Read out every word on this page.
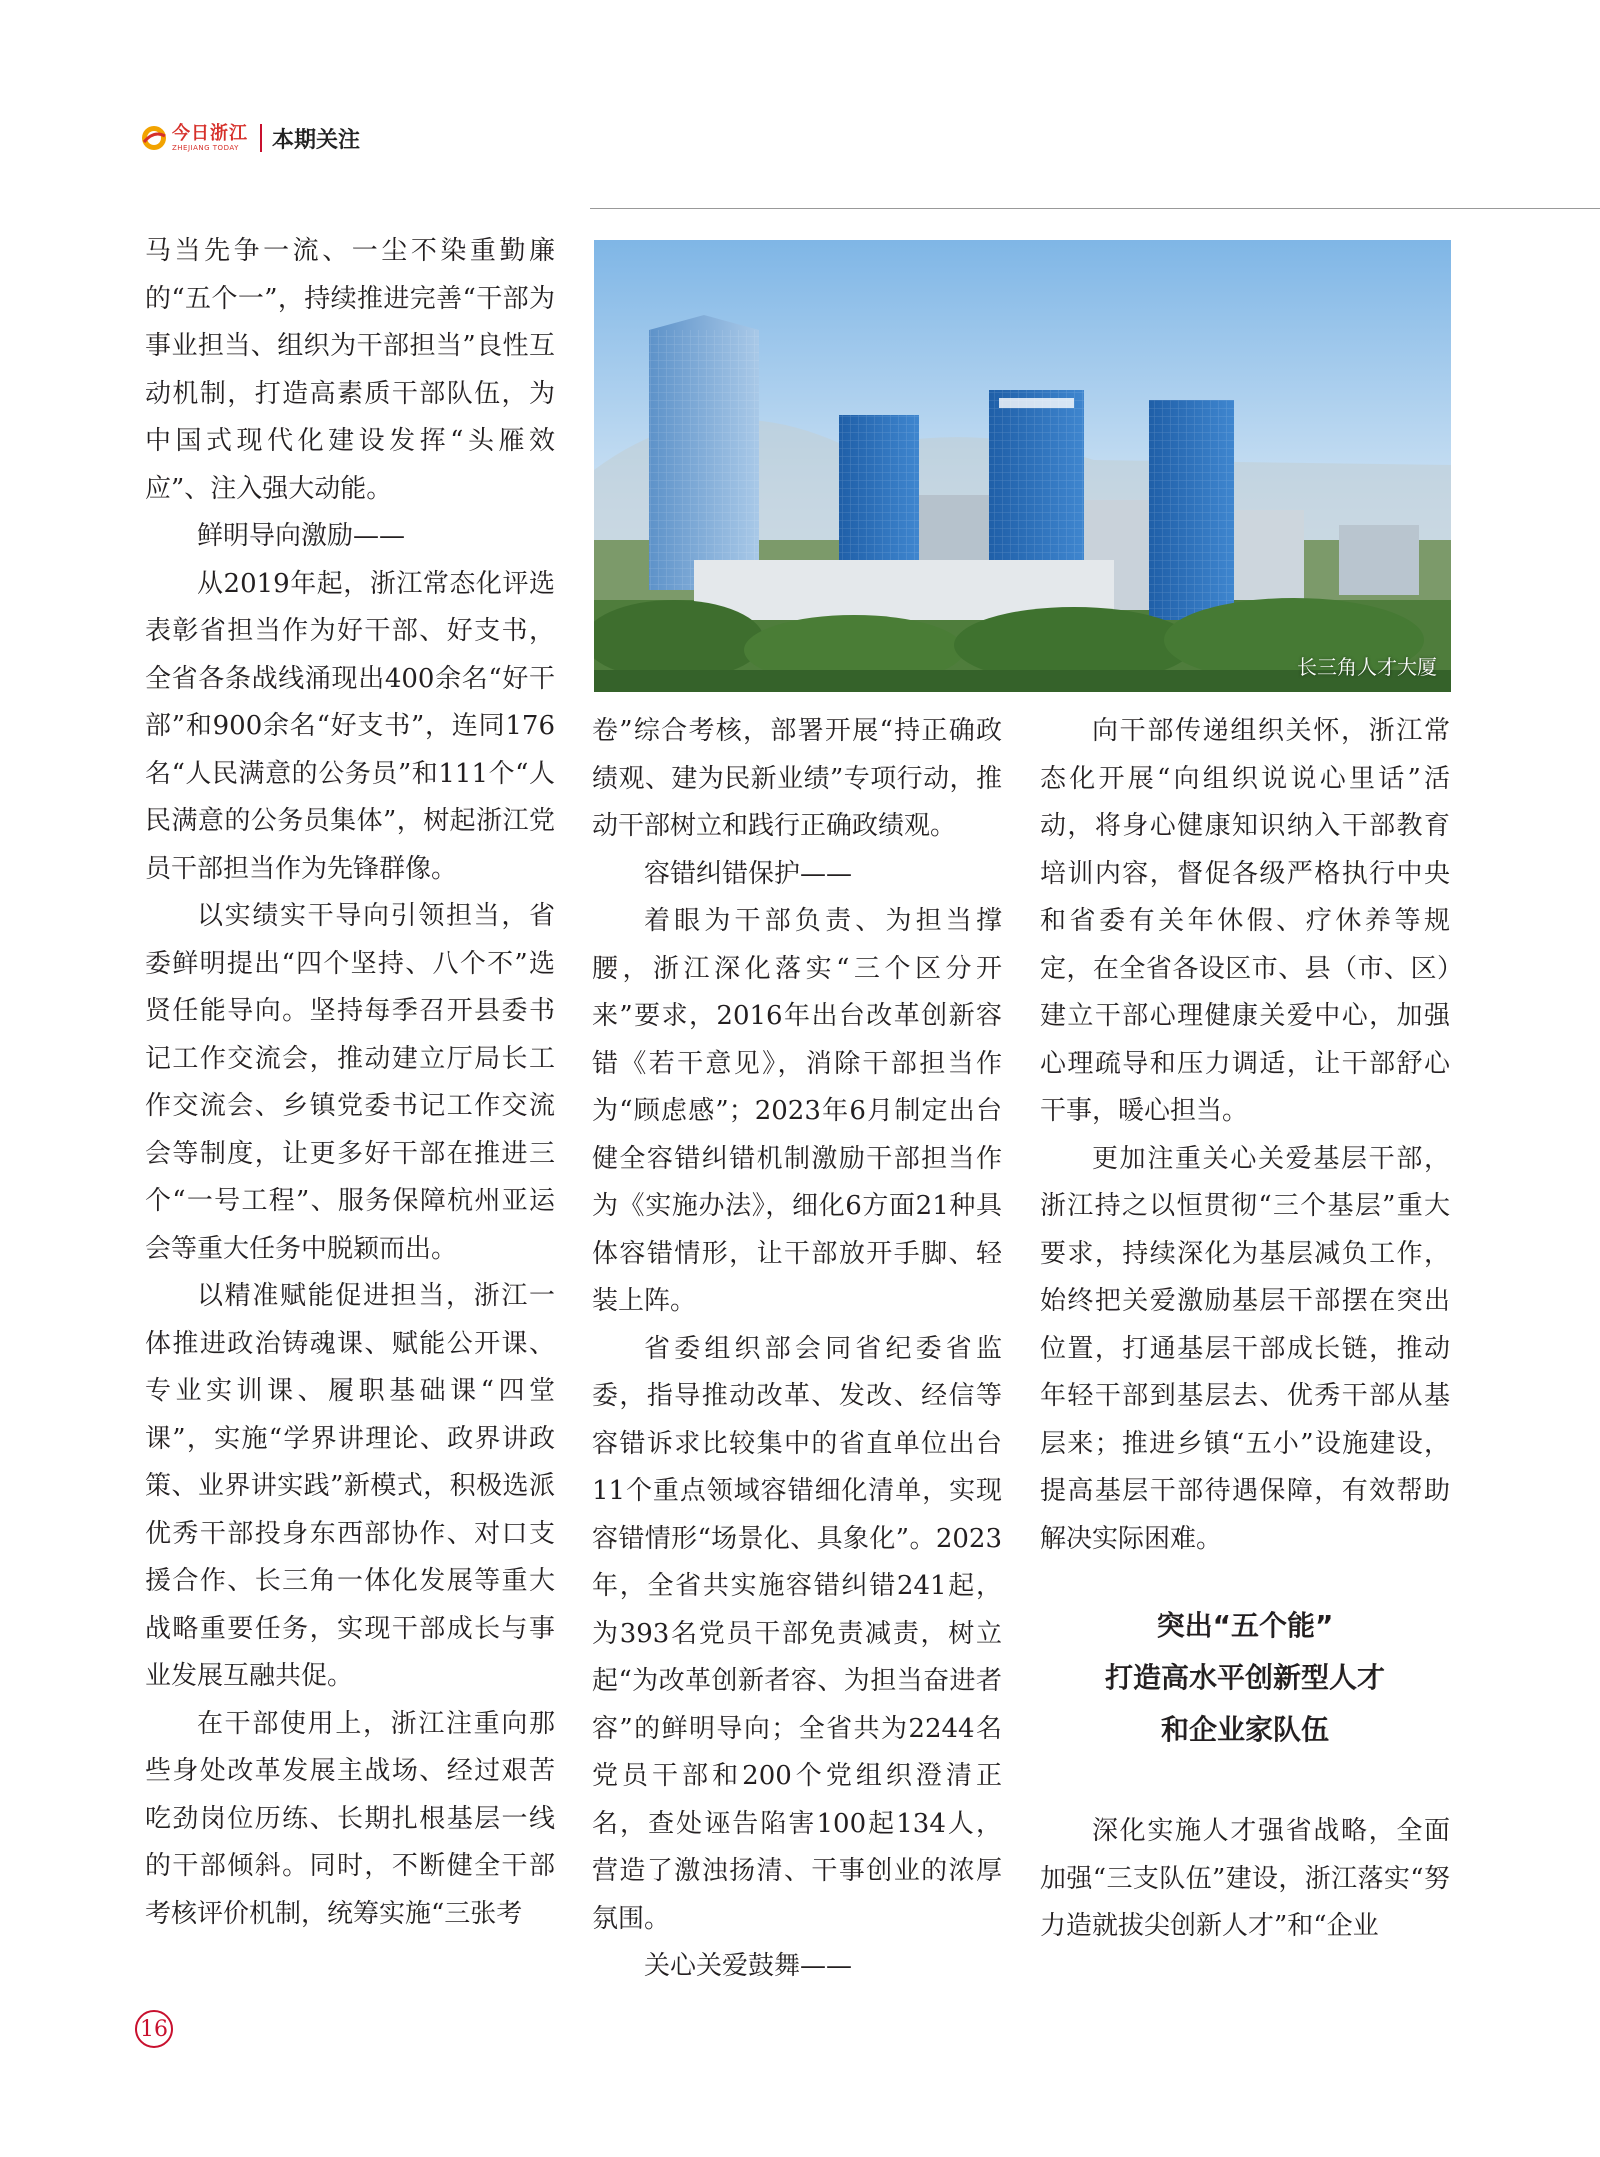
今日浙江
ZHEJIANG TODAY	本期关注

马当先争一流、一尘不染重勤廉的“五个一”，持续推进完善“干部为事业担当、组织为干部担当”良性互动机制，打造高素质干部队伍，为中国式现代化建设发挥“头雁效应”、注入强大动能。

鲜明导向激励——

从2019年起，浙江常态化评选表彰省担当作为好干部、好支书，全省各条战线涌现出400余名“好干部”和900余名“好支书”，连同176名“人民满意的公务员”和111个“人民满意的公务员集体”，树起浙江党员干部担当作为先锋群像。

以实绩实干导向引领担当，省委鲜明提出“四个坚持、八个不”选贤任能导向。坚持每季召开县委书记工作交流会，推动建立厅局长工作交流会、乡镇党委书记工作交流会等制度，让更多好干部在推进三个“一号工程”、服务保障杭州亚运会等重大任务中脱颖而出。

以精准赋能促进担当，浙江一体推进政治铸魂课、赋能公开课、专业实训课、履职基础课“四堂课”，实施“学界讲理论、政界讲政策、业界讲实践”新模式，积极选派优秀干部投身东西部协作、对口支援合作、长三角一体化发展等重大战略重要任务，实现干部成长与事业发展互融共促。

在干部使用上，浙江注重向那些身处改革发展主战场、经过艰苦吃劲岗位历练、长期扎根基层一线的干部倾斜。同时，不断健全干部考核评价机制，统筹实施“三张考

长三角人才大厦

卷”综合考核，部署开展“持正确政绩观、建为民新业绩”专项行动，推动干部树立和践行正确政绩观。

容错纠错保护——

着眼为干部负责、为担当撑腰，浙江深化落实“三个区分开来”要求，2016年出台改革创新容错《若干意见》，消除干部担当作为“顾虑感”；2023年6月制定出台健全容错纠错机制激励干部担当作为《实施办法》，细化6方面21种具体容错情形，让干部放开手脚、轻装上阵。

省委组织部会同省纪委省监委，指导推动改革、发改、经信等容错诉求比较集中的省直单位出台11个重点领域容错细化清单，实现容错情形“场景化、具象化”。2023年，全省共实施容错纠错241起，为393名党员干部免责减责，树立起“为改革创新者容、为担当奋进者容”的鲜明导向；全省共为2244名党员干部和200个党组织澄清正名，查处诬告陷害100起134人，营造了激浊扬清、干事创业的浓厚氛围。

关心关爱鼓舞——

向干部传递组织关怀，浙江常态化开展“向组织说说心里话”活动，将身心健康知识纳入干部教育培训内容，督促各级严格执行中央和省委有关年休假、疗休养等规定，在全省各设区市、县（市、区）建立干部心理健康关爱中心，加强心理疏导和压力调适，让干部舒心干事，暖心担当。

更加注重关心关爱基层干部，浙江持之以恒贯彻“三个基层”重大要求，持续深化为基层减负工作，始终把关爱激励基层干部摆在突出位置，打通基层干部成长链，推动年轻干部到基层去、优秀干部从基层来；推进乡镇“五小”设施建设，提高基层干部待遇保障，有效帮助解决实际困难。

突出“五个能”
打造高水平创新型人才
和企业家队伍

深化实施人才强省战略，全面加强“三支队伍”建设，浙江落实“努力造就拔尖创新人才”和“企业

16
